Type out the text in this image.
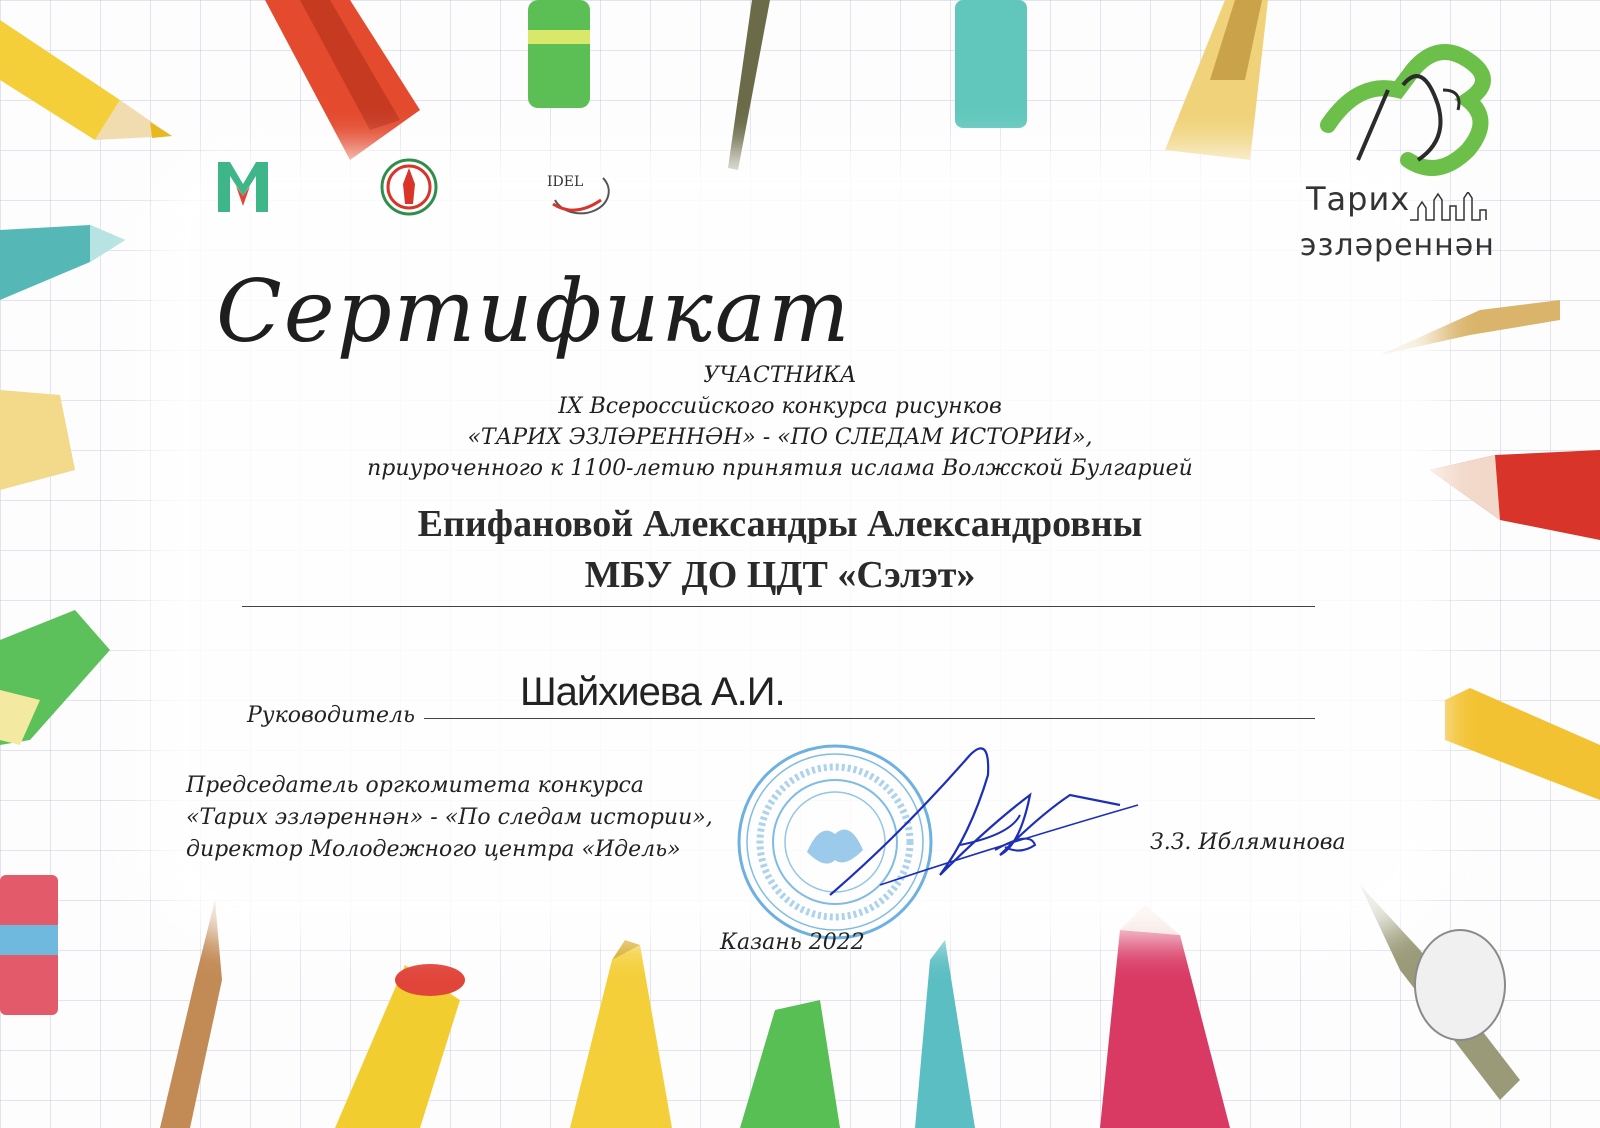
IDEL	Тарих
эзләреннән
Сертификат
УЧАСТНИКА
IX Всероссийского конкурса рисунков
«ТАРИХ ЭЗЛӘРЕННӘН» - «ПО СЛЕДАМ ИСТОРИИ»,
приуроченного к 1100-летию принятия ислама Волжской Булгарией
Епифановой Александры Александровны
МБУ ДО ЦДТ «Сэлэт»
Руководитель
Шайхиева А.И.
Председатель оргкомитета конкурса
«Тарих эзләреннән» - «По следам истории»,
директор Молодежного центра «Идель»	З.З. Ибляминова
Казань 2022
